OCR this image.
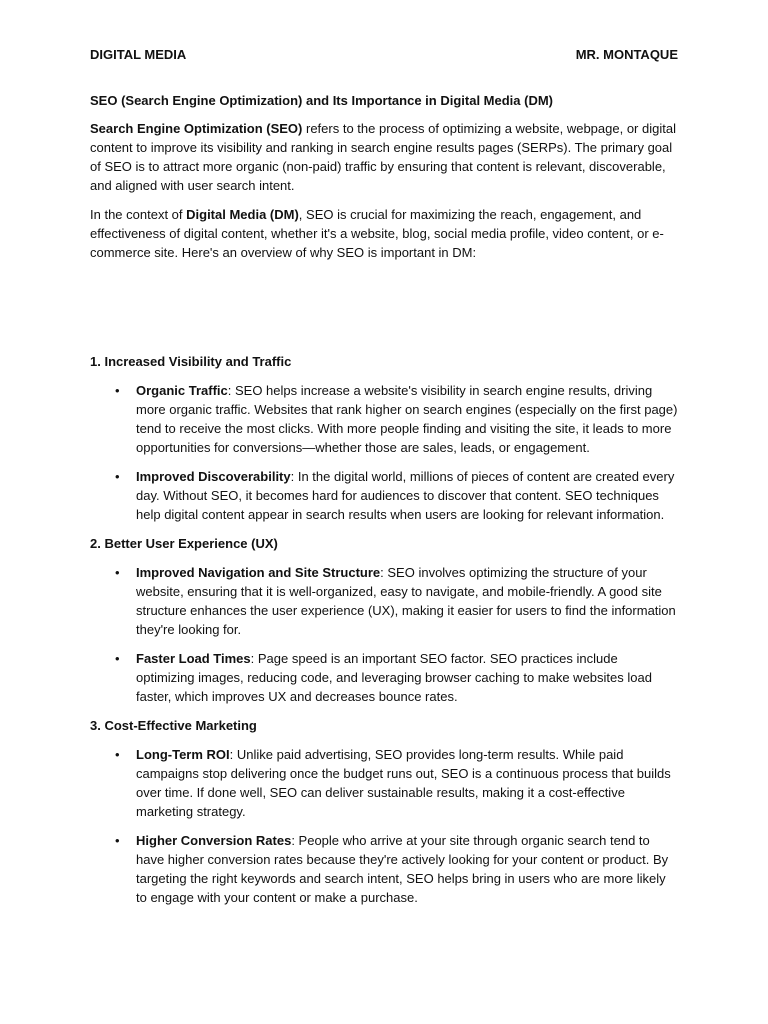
DIGITAL MEDIA	MR. MONTAQUE
SEO (Search Engine Optimization) and Its Importance in Digital Media (DM)

Search Engine Optimization (SEO) refers to the process of optimizing a website, webpage, or digital content to improve its visibility and ranking in search engine results pages (SERPs). The primary goal of SEO is to attract more organic (non-paid) traffic by ensuring that content is relevant, discoverable, and aligned with user search intent.

In the context of Digital Media (DM), SEO is crucial for maximizing the reach, engagement, and effectiveness of digital content, whether it's a website, blog, social media profile, video content, or e-commerce site. Here's an overview of why SEO is important in DM:

1. Increased Visibility and Traffic
• Organic Traffic: SEO helps increase a website's visibility in search engine results, driving more organic traffic. Websites that rank higher on search engines (especially on the first page) tend to receive the most clicks. With more people finding and visiting the site, it leads to more opportunities for conversions—whether those are sales, leads, or engagement.
• Improved Discoverability: In the digital world, millions of pieces of content are created every day. Without SEO, it becomes hard for audiences to discover that content. SEO techniques help digital content appear in search results when users are looking for relevant information.
2. Better User Experience (UX)
• Improved Navigation and Site Structure: SEO involves optimizing the structure of your website, ensuring that it is well-organized, easy to navigate, and mobile-friendly. A good site structure enhances the user experience (UX), making it easier for users to find the information they're looking for.
• Faster Load Times: Page speed is an important SEO factor. SEO practices include optimizing images, reducing code, and leveraging browser caching to make websites load faster, which improves UX and decreases bounce rates.
3. Cost-Effective Marketing
• Long-Term ROI: Unlike paid advertising, SEO provides long-term results. While paid campaigns stop delivering once the budget runs out, SEO is a continuous process that builds over time. If done well, SEO can deliver sustainable results, making it a cost-effective marketing strategy.
• Higher Conversion Rates: People who arrive at your site through organic search tend to have higher conversion rates because they're actively looking for your content or product. By targeting the right keywords and search intent, SEO helps bring in users who are more likely to engage with your content or make a purchase.
